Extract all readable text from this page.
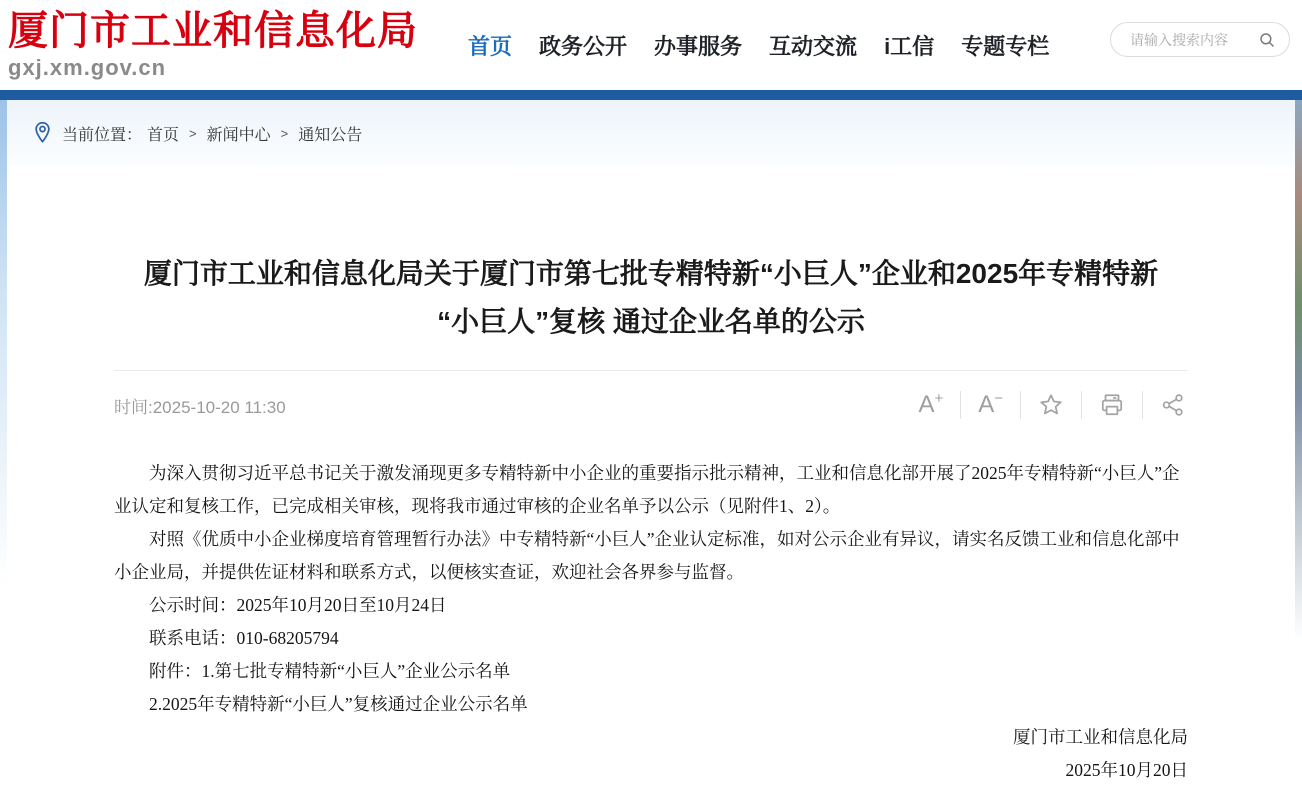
厦门市工业和信息化局
gxj.xm.gov.cn
首页 政务公开 办事服务 互动交流 i工信 专题专栏
请输入搜索内容
当前位置： 首页 > 新闻中心 > 通知公告
厦门市工业和信息化局关于厦门市第七批专精特新“小巨人”企业和2025年专精特新
“小巨人”复核 通过企业名单的公示
时间:2025-10-20 11:30	A + A −

为深入贯彻习近平总书记关于激发涌现更多专精特新中小企业的重要指示批示精神，工业和信息化部开展了2025年专精特新“小巨人”企业认定和复核工作，已完成相关审核，现将我市通过审核的企业名单予以公示（见附件1、2）。

对照《优质中小企业梯度培育管理暂行办法》中专精特新“小巨人”企业认定标准，如对公示企业有异议，请实名反馈工业和信息化部中小企业局，并提供佐证材料和联系方式，以便核实查证，欢迎社会各界参与监督。

公示时间：2025年10月20日至10月24日

联系电话：010-68205794

附件：1.第七批专精特新“小巨人”企业公示名单

2.2025年专精特新“小巨人”复核通过企业公示名单

厦门市工业和信息化局

2025年10月20日
